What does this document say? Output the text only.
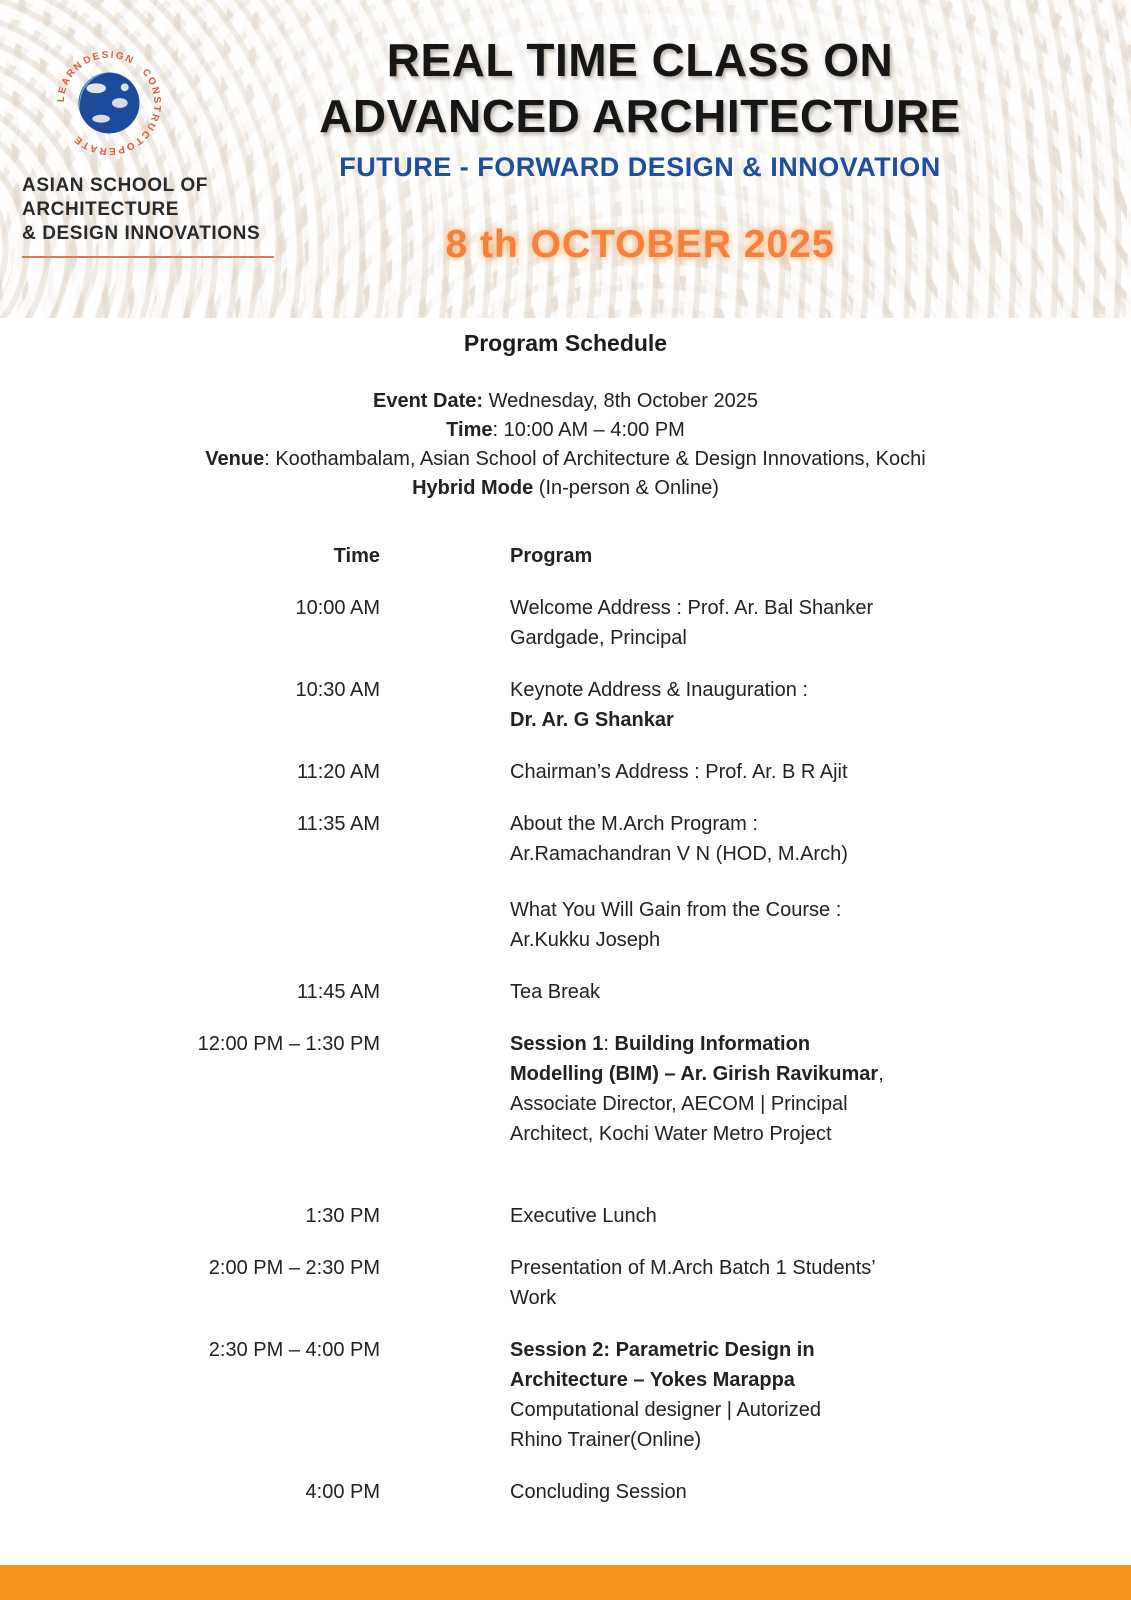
LEARN
DESIGN
CONSTRUCT
OPERATE
ASIAN SCHOOL OF
ARCHITECTURE
& DESIGN INNOVATIONS
REAL TIME CLASS ON
ADVANCED ARCHITECTURE
FUTURE - FORWARD DESIGN & INNOVATION
8 th OCTOBER 2025
Program Schedule

Event Date: Wednesday, 8th October 2025

Time: 10:00 AM – 4:00 PM

Venue: Koothambalam, Asian School of Architecture & Design Innovations, Kochi

Hybrid Mode (In-person & Online)

Time	Program
10:00 AM	Welcome Address : Prof. Ar. Bal Shanker
Gardgade, Principal
10:30 AM	Keynote Address & Inauguration :
Dr. Ar. G Shankar
11:20 AM	Chairman’s Address : Prof. Ar. B R Ajit
11:35 AM	About the M.Arch Program :
Ar.Ramachandran V N (HOD, M.Arch)
What You Will Gain from the Course :
Ar.Kukku Joseph
11:45 AM	Tea Break
12:00 PM – 1:30 PM	Session 1: Building Information
Modelling (BIM) – Ar. Girish Ravikumar,
Associate Director, AECOM | Principal
Architect, Kochi Water Metro Project
1:30 PM	Executive Lunch
2:00 PM – 2:30 PM	Presentation of M.Arch Batch 1 Students’
Work
2:30 PM – 4:00 PM	Session 2: Parametric Design in
Architecture – Yokes Marappa
Computational designer | Autorized
Rhino Trainer(Online)
4:00 PM	Concluding Session
